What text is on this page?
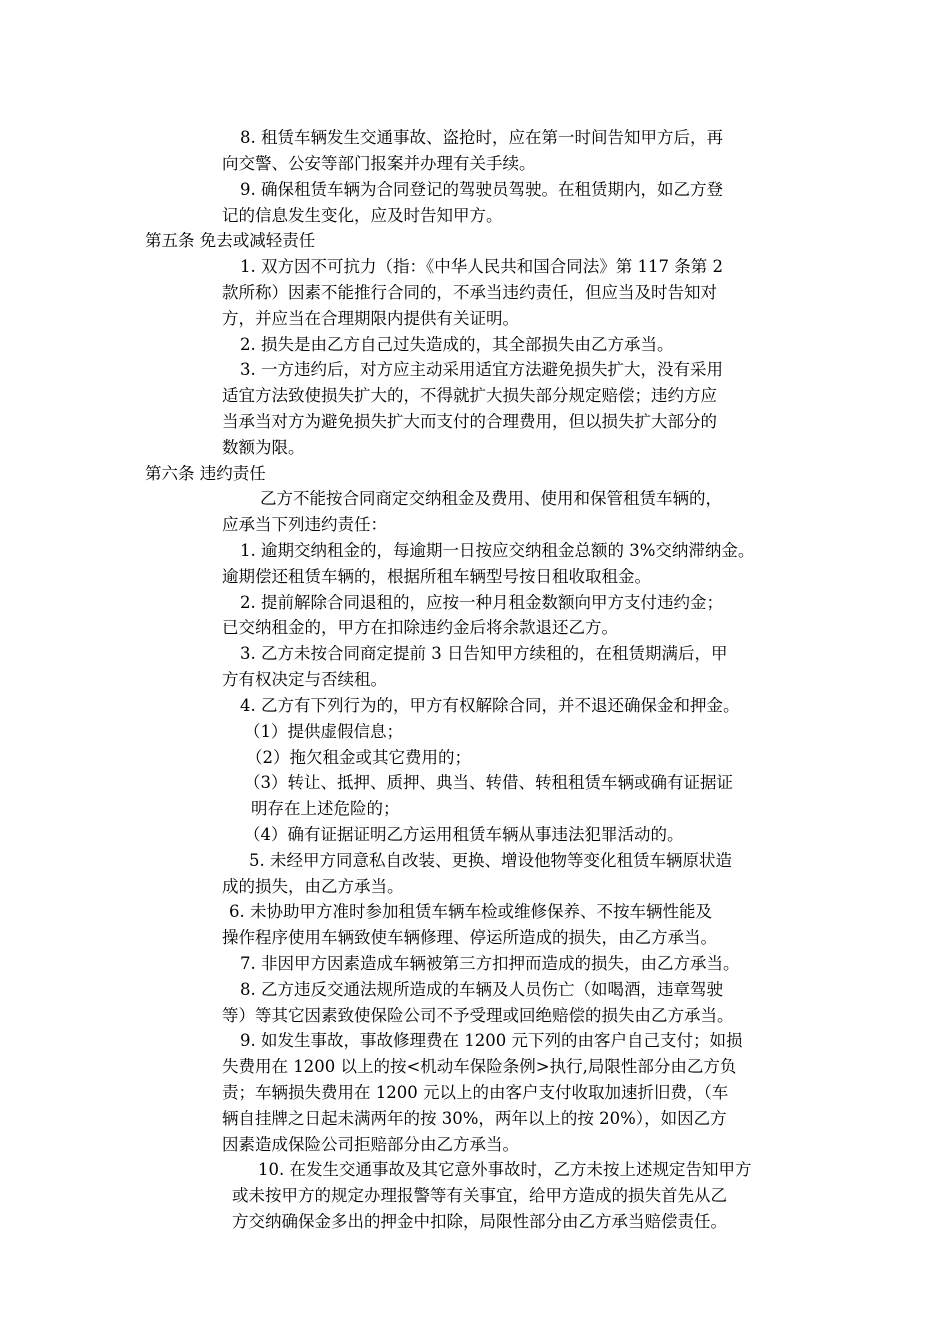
8. 租赁车辆发生交通事故、盗抢时，应在第一时间告知甲方后，再
向交警、公安等部门报案并办理有关手续。
9. 确保租赁车辆为合同登记的驾驶员驾驶。在租赁期内，如乙方登
记的信息发生变化，应及时告知甲方。
第五条 免去或减轻责任
1. 双方因不可抗力（指：《中华人民共和国合同法》第 117 条第 2
款所称）因素不能推行合同的，不承当违约责任，但应当及时告知对
方，并应当在合理期限内提供有关证明。
2. 损失是由乙方自己过失造成的，其全部损失由乙方承当。
3. 一方违约后，对方应主动采用适宜方法避免损失扩大，没有采用
适宜方法致使损失扩大的，不得就扩大损失部分规定赔偿；违约方应
当承当对方为避免损失扩大而支付的合理费用，但以损失扩大部分的
数额为限。
第六条 违约责任
乙方不能按合同商定交纳租金及费用、使用和保管租赁车辆的，
应承当下列违约责任：
1. 逾期交纳租金的，每逾期一日按应交纳租金总额的 3%交纳滞纳金。
逾期偿还租赁车辆的，根据所租车辆型号按日租收取租金。
2. 提前解除合同退租的，应按一种月租金数额向甲方支付违约金；
已交纳租金的，甲方在扣除违约金后将余款退还乙方。
3. 乙方未按合同商定提前 3 日告知甲方续租的，在租赁期满后，甲
方有权决定与否续租。
4. 乙方有下列行为的，甲方有权解除合同，并不退还确保金和押金。
（1）提供虚假信息；
（2）拖欠租金或其它费用的；
（3）转让、抵押、质押、典当、转借、转租租赁车辆或确有证据证
明存在上述危险的；
（4）确有证据证明乙方运用租赁车辆从事违法犯罪活动的。
5. 未经甲方同意私自改装、更换、增设他物等变化租赁车辆原状造
成的损失，由乙方承当。
6. 未协助甲方准时参加租赁车辆车检或维修保养、不按车辆性能及
操作程序使用车辆致使车辆修理、停运所造成的损失，由乙方承当。
7. 非因甲方因素造成车辆被第三方扣押而造成的损失，由乙方承当。
8. 乙方违反交通法规所造成的车辆及人员伤亡（如喝酒，违章驾驶
等）等其它因素致使保险公司不予受理或回绝赔偿的损失由乙方承当。
9. 如发生事故，事故修理费在 1200 元下列的由客户自己支付；如损
失费用在 1200 以上的按<机动车保险条例>执行,局限性部分由乙方负
责；车辆损失费用在 1200 元以上的由客户支付收取加速折旧费，（车
辆自挂牌之日起未满两年的按 30%，两年以上的按 20%），如因乙方
因素造成保险公司拒赔部分由乙方承当。
10. 在发生交通事故及其它意外事故时，乙方未按上述规定告知甲方
或未按甲方的规定办理报警等有关事宜，给甲方造成的损失首先从乙
方交纳确保金多出的押金中扣除，局限性部分由乙方承当赔偿责任。
